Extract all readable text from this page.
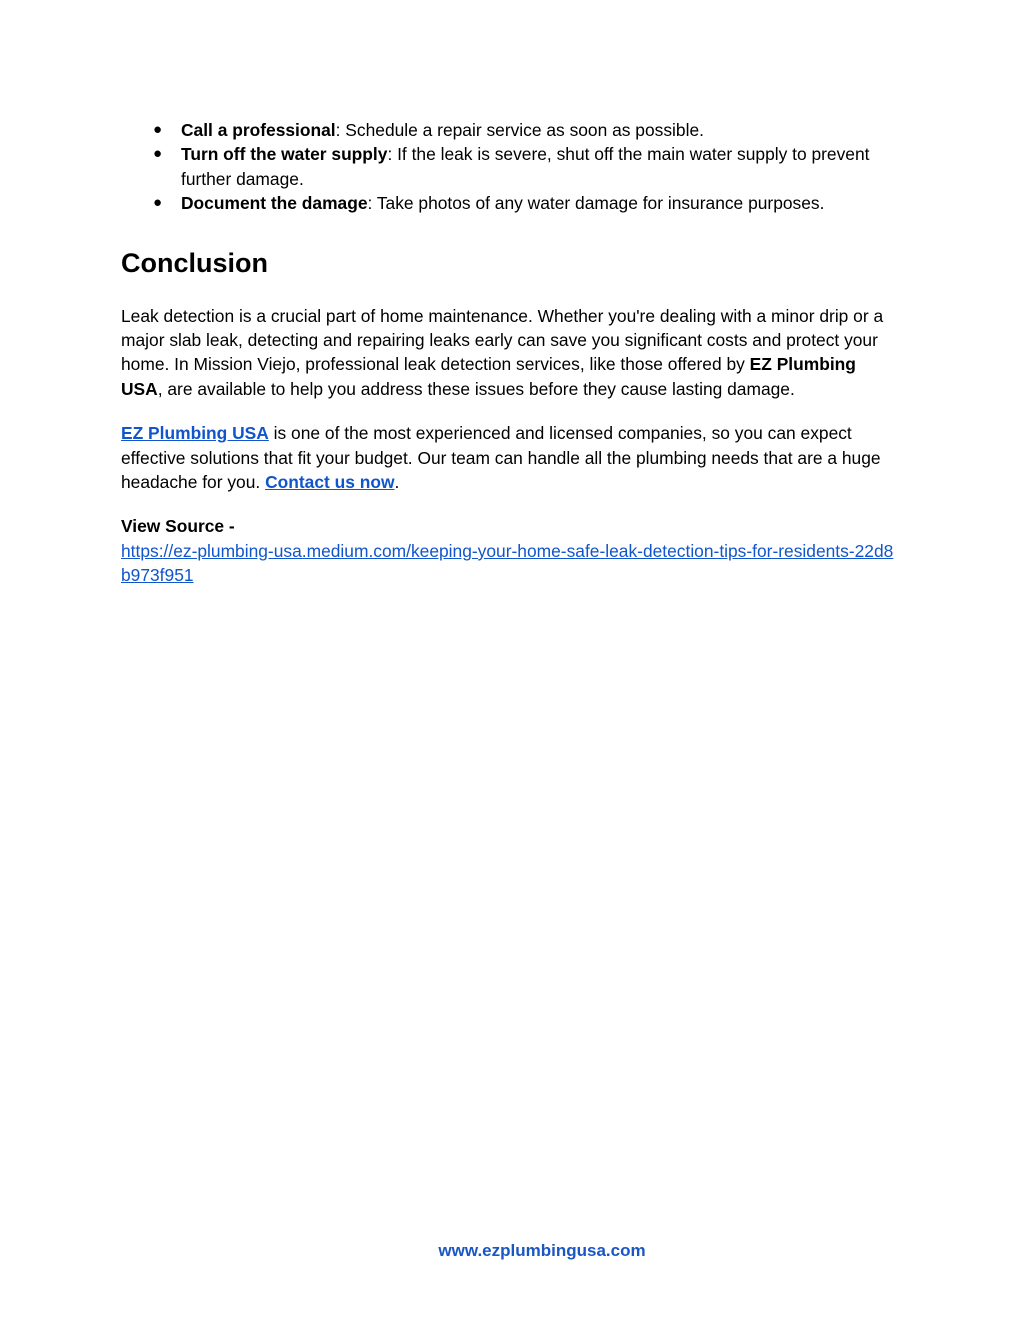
● Call a professional: Schedule a repair service as soon as possible.
● Turn off the water supply: If the leak is severe, shut off the main water supply to prevent further damage.
● Document the damage: Take photos of any water damage for insurance purposes.
Conclusion

Leak detection is a crucial part of home maintenance. Whether you're dealing with a minor drip or a major slab leak, detecting and repairing leaks early can save you significant costs and protect your home. In Mission Viejo, professional leak detection services, like those offered by EZ Plumbing USA, are available to help you address these issues before they cause lasting damage.

EZ Plumbing USA is one of the most experienced and licensed companies, so you can expect effective solutions that fit your budget. Our team can handle all the plumbing needs that are a huge headache for you. Contact us now.

View Source -
https://ez-plumbing-usa.medium.com/keeping-your-home-safe-leak-detection-tips-for-residents-22d8b973f951

www.ezplumbingusa.com
